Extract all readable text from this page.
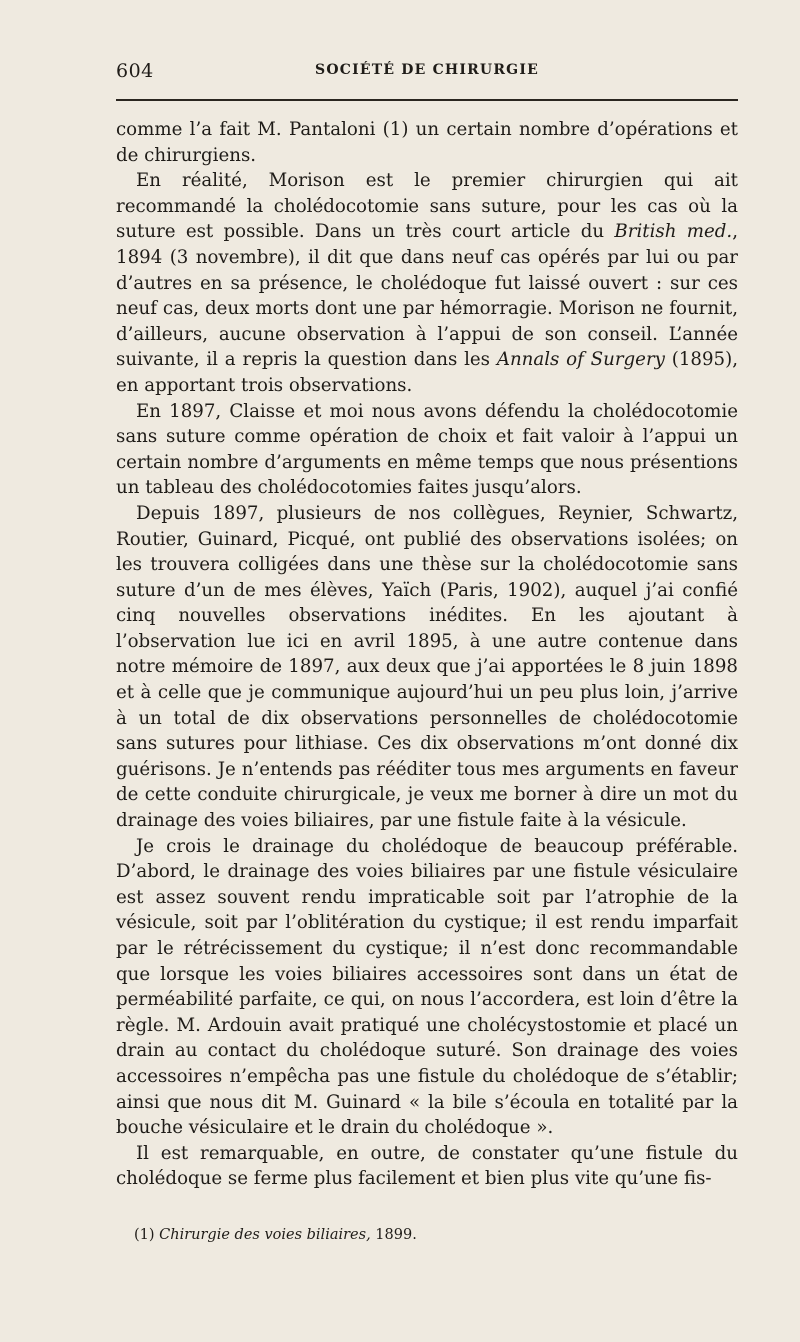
604	SOCIÉTÉ DE CHIRURGIE

comme l’a fait M. Pantaloni (1) un certain nombre d’opérations et de chirurgiens.

En réalité, Morison est le premier chirurgien qui ait recommandé la cholédocotomie sans suture, pour les cas où la suture est possible. Dans un très court article du British med., 1894 (3 novembre), il dit que dans neuf cas opérés par lui ou par d’autres en sa présence, le cholédoque fut laissé ouvert : sur ces neuf cas, deux morts dont une par hémorragie. Morison ne fournit, d’ailleurs, aucune observation à l’appui de son conseil. L’année suivante, il a repris la question dans les Annals of Surgery (1895), en apportant trois observations.

En 1897, Claisse et moi nous avons défendu la cholédocotomie sans suture comme opération de choix et fait valoir à l’appui un certain nombre d’arguments en même temps que nous présentions un tableau des cholédocotomies faites jusqu’alors.

Depuis 1897, plusieurs de nos collègues, Reynier, Schwartz, Routier, Guinard, Picqué, ont publié des observations isolées; on les trouvera colligées dans une thèse sur la cholédocotomie sans suture d’un de mes élèves, Yaïch (Paris, 1902), auquel j’ai confié cinq nouvelles observations inédites. En les ajoutant à l’observation lue ici en avril 1895, à une autre contenue dans notre mémoire de 1897, aux deux que j’ai apportées le 8 juin 1898 et à celle que je communique aujourd’hui un peu plus loin, j’arrive à un total de dix observations personnelles de cholédocotomie sans sutures pour lithiase. Ces dix observations m’ont donné dix guérisons. Je n’entends pas rééditer tous mes arguments en faveur de cette conduite chirurgicale, je veux me borner à dire un mot du drainage des voies biliaires, par une fistule faite à la vésicule.

Je crois le drainage du cholédoque de beaucoup préférable. D’abord, le drainage des voies biliaires par une fistule vésiculaire est assez souvent rendu impraticable soit par l’atrophie de la vésicule, soit par l’oblitération du cystique; il est rendu imparfait par le rétrécissement du cystique; il n’est donc recommandable que lorsque les voies biliaires accessoires sont dans un état de perméabilité parfaite, ce qui, on nous l’accordera, est loin d’être la règle. M. Ardouin avait pratiqué une cholécystostomie et placé un drain au contact du cholédoque suturé. Son drainage des voies accessoires n’empêcha pas une fistule du cholédoque de s’établir; ainsi que nous dit M. Guinard « la bile s’écoula en totalité par la bouche vésiculaire et le drain du cholédoque ».

Il est remarquable, en outre, de constater qu’une fistule du cholédoque se ferme plus facilement et bien plus vite qu’une fis-

(1) Chirurgie des voies biliaires, 1899.
